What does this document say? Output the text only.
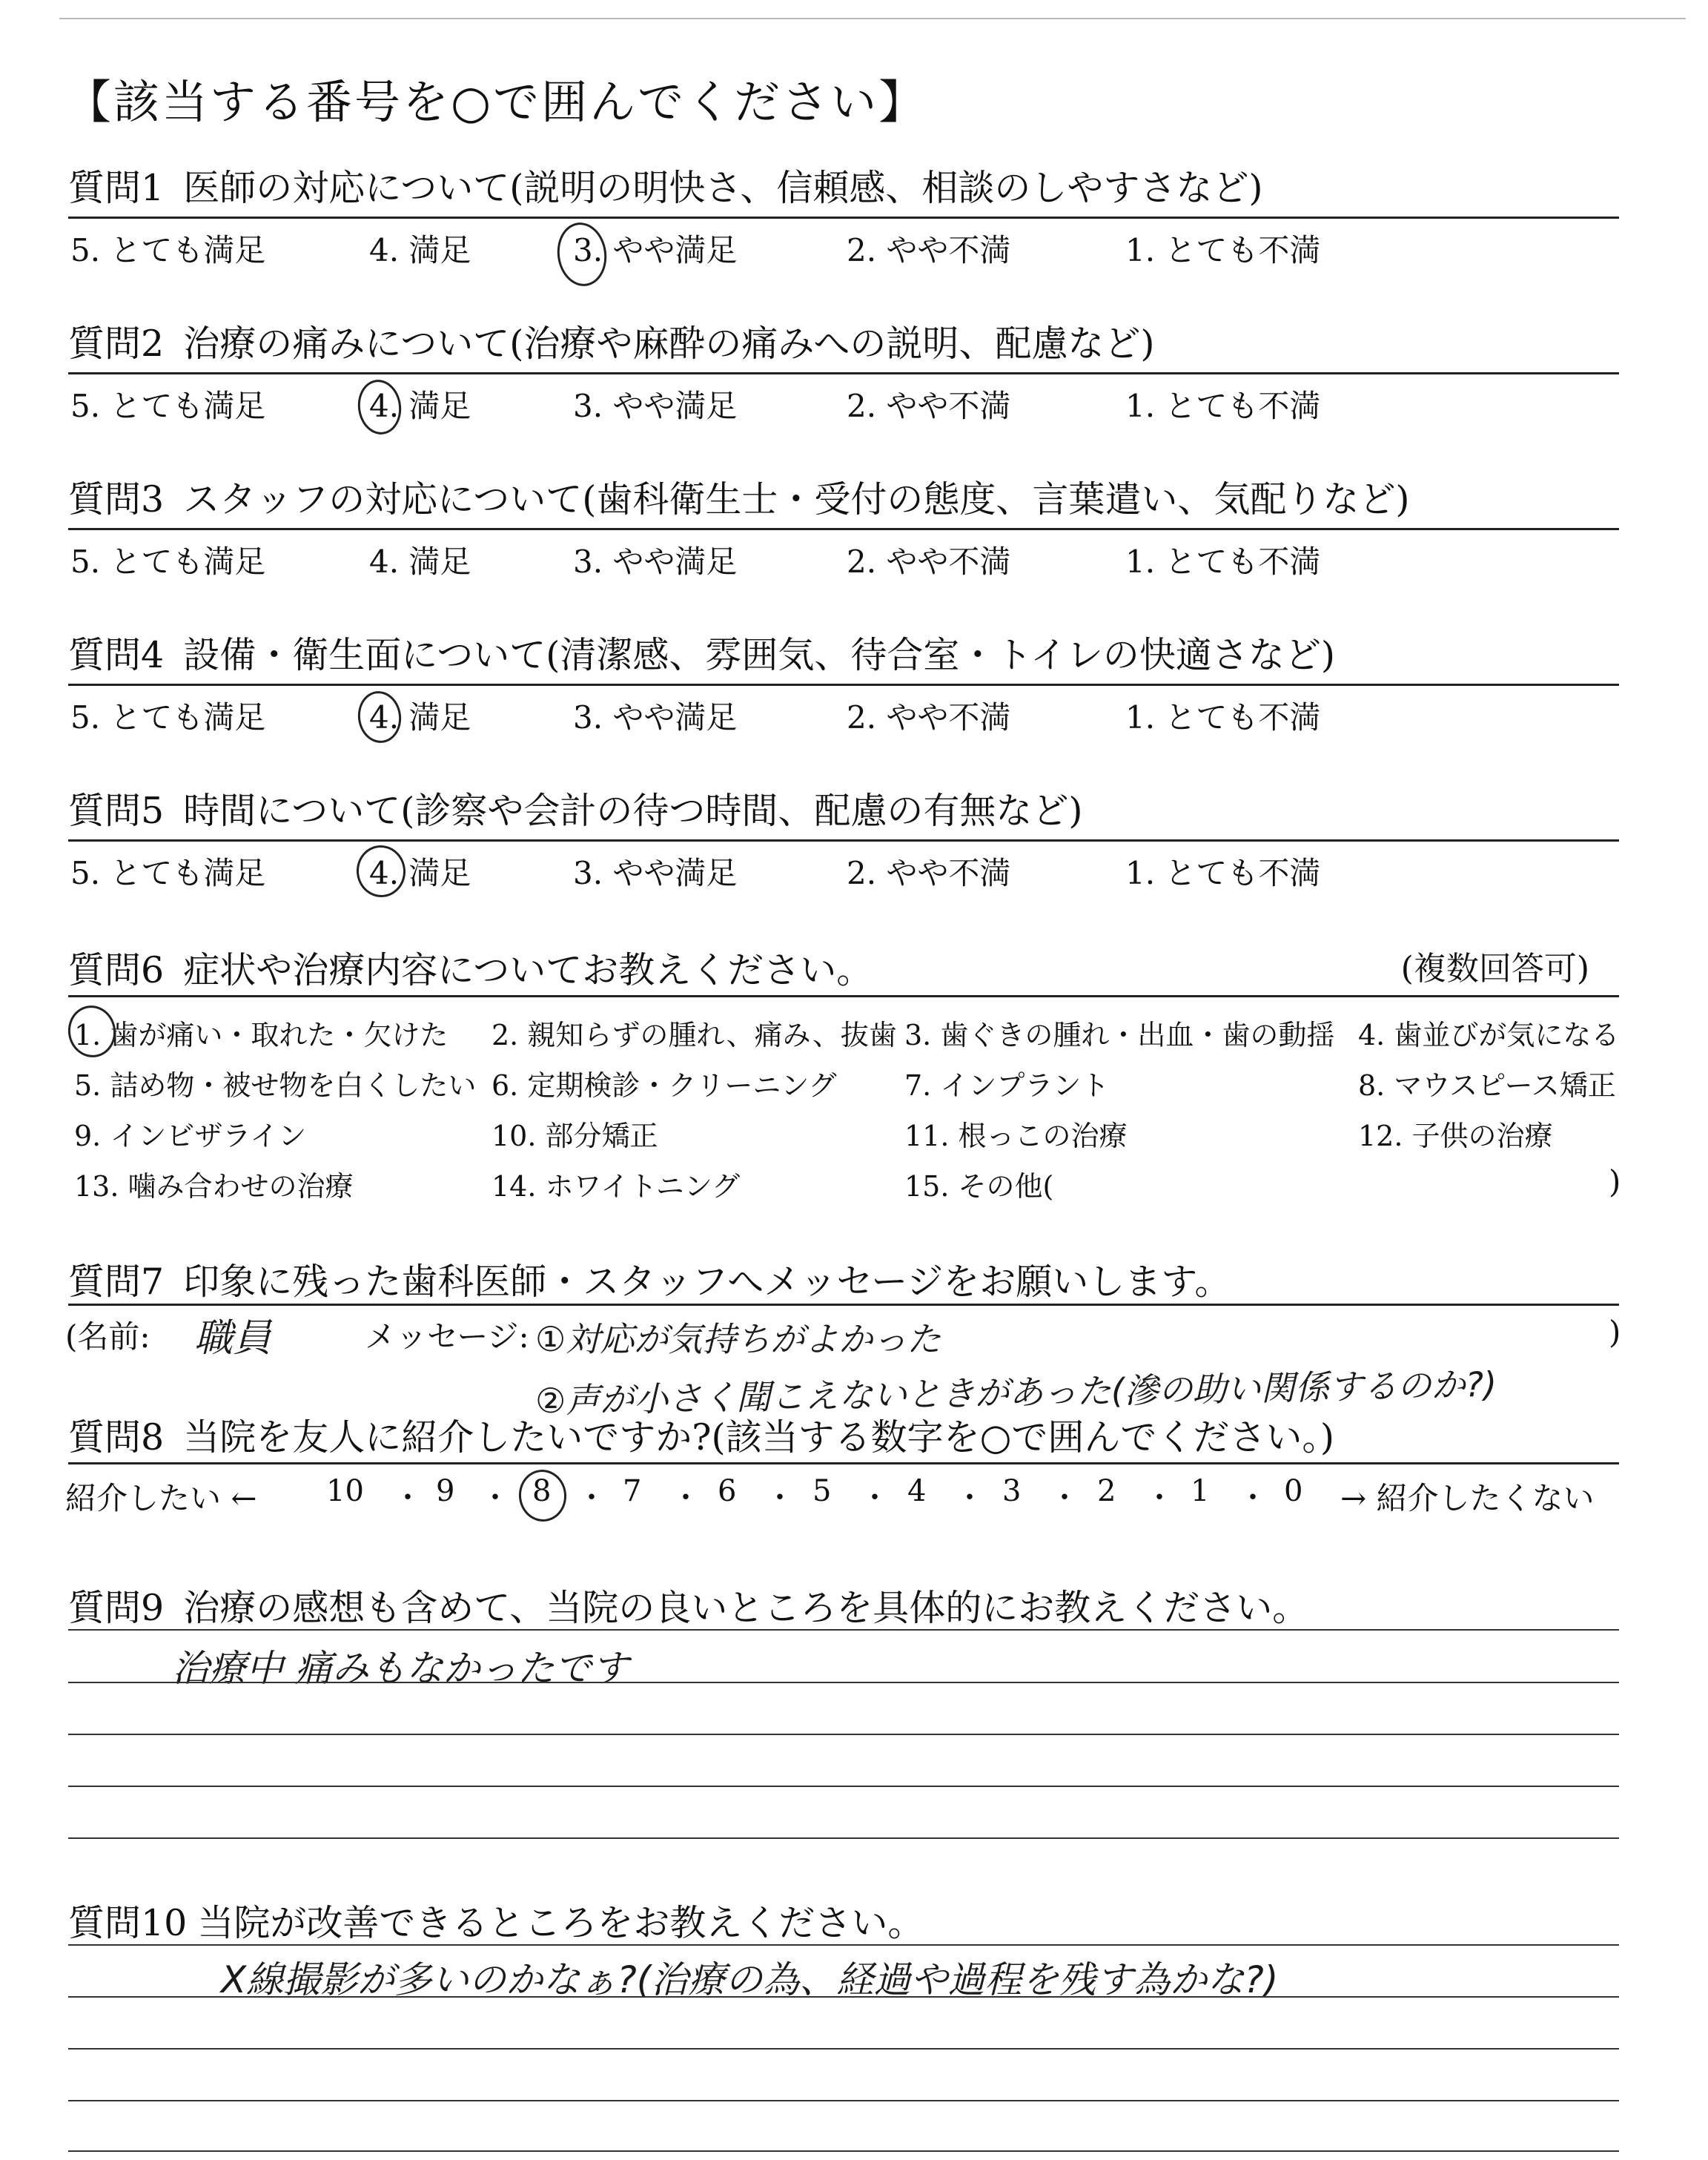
【該当する番号を○で囲んでください】
質問1 医師の対応について(説明の明快さ、信頼感、相談のしやすさなど)
5. とても満足	4. 満足	3. やや満足	2. やや不満	1. とても不満
質問2 治療の痛みについて(治療や麻酔の痛みへの説明、配慮など)
5. とても満足	4. 満足	3. やや満足	2. やや不満	1. とても不満
質問3 スタッフの対応について(歯科衛生士・受付の態度、言葉遣い、気配りなど)
5. とても満足	4. 満足	3. やや満足	2. やや不満	1. とても不満
質問4 設備・衛生面について(清潔感、雰囲気、待合室・トイレの快適さなど)
5. とても満足	4. 満足	3. やや満足	2. やや不満	1. とても不満
質問5 時間について(診察や会計の待つ時間、配慮の有無など)
5. とても満足	4. 満足	3. やや満足	2. やや不満	1. とても不満
質問6 症状や治療内容についてお教えください。	(複数回答可)
1. 歯が痛い・取れた・欠けた 2. 親知らずの腫れ、痛み、抜歯 3. 歯ぐきの腫れ・出血・歯の動揺 4. 歯並びが気になる
5. 詰め物・被せ物を白くしたい 6. 定期検診・クリーニング 7. インプラント	8. マウスピース矯正
9. インビザライン	10. 部分矯正	11. 根っこの治療	12. 子供の治療
13. 噛み合わせの治療	14. ホワイトニング	15. その他(	)
質問7 印象に残った歯科医師・スタッフへメッセージをお願いします。
(名前: 職員	メッセージ: ①対応が気持ちがよかった	)
②声が小さく聞こえないときがあった(滲の助い関係するのか?)
質問8 当院を友人に紹介したいですか?(該当する数字を○で囲んでください。)
紹介したい ← 10 ・ 9 ・ 8 ・ 7 ・ 6 ・ 5 ・ 4 ・ 3 ・ 2 ・ 1 ・ 0 → 紹介したくない
質問9 治療の感想も含めて、当院の良いところを具体的にお教えください。
治療中 痛みもなかったです
質問10 当院が改善できるところをお教えください。
X線撮影が多いのかなぁ?(治療の為、経過や過程を残す為かな?)
